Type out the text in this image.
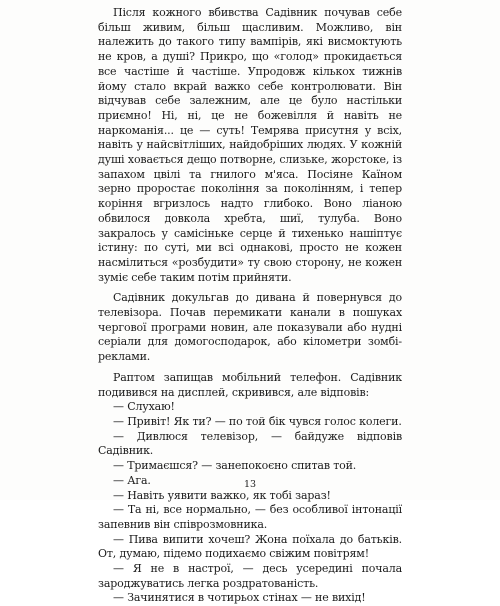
Після кожного вбивства Садівник почував себе більш живим, більш щасливим. Можливо, він належить до такого типу вампірів, які висмоктують не кров, а душі? Прикро, що «голод» прокидається все частіше й частіше. Упродовж кількох тижнів йому стало вкрай важко себе контролювати. Він відчував себе залежним, але це було настільки приємно! Ні, ні, це не божевілля й навіть не наркоманія... це — суть! Темрява присутня у всіх, навіть у найсвітліших, найдобріших людях. У кожній душі ховається дещо потворне, слизьке, жорстоке, із запахом цвілі та гнилого м'яса. Посіяне Каїном зерно проростає покоління за поколінням, і тепер коріння вгризлось надто глибоко. Воно ліаною обвилося довкола хребта, шиї, тулуба. Воно закралось у самісіньке серце й тихенько нашіптує істину: по суті, ми всі однакові, просто не кожен насмілиться «розбудити» ту свою сторону, не кожен зуміє себе таким потім прийняти.

Садівник докульгав до дивана й повернувся до телевізора. Почав перемикати канали в пошуках чергової програми новин, але показували або нудні серіали для домогосподарок, або кілометри зомбі-реклами.

Раптом запищав мобільний телефон. Садівник подивився на дисплей, скривився, але відповів:

— Слухаю!

— Привіт! Як ти? — по той бік чувся голос колеги.

— Дивлюся телевізор, — байдуже відповів Садівник.

— Тримаєшся? — занепокоєно спитав той.

— Ага.

— Навіть уявити важко, як тобі зараз!

— Та ні, все нормально, — без особливої інтонації запевнив він співрозмовника.

— Пива випити хочеш? Жона поїхала до батьків. От, думаю, підемо подихаємо свіжим повітрям!

— Я не в настрої, — десь усередині почала зароджуватись легка роздратованість.

— Зачинятися в чотирьох стінах — не вихід!

13
